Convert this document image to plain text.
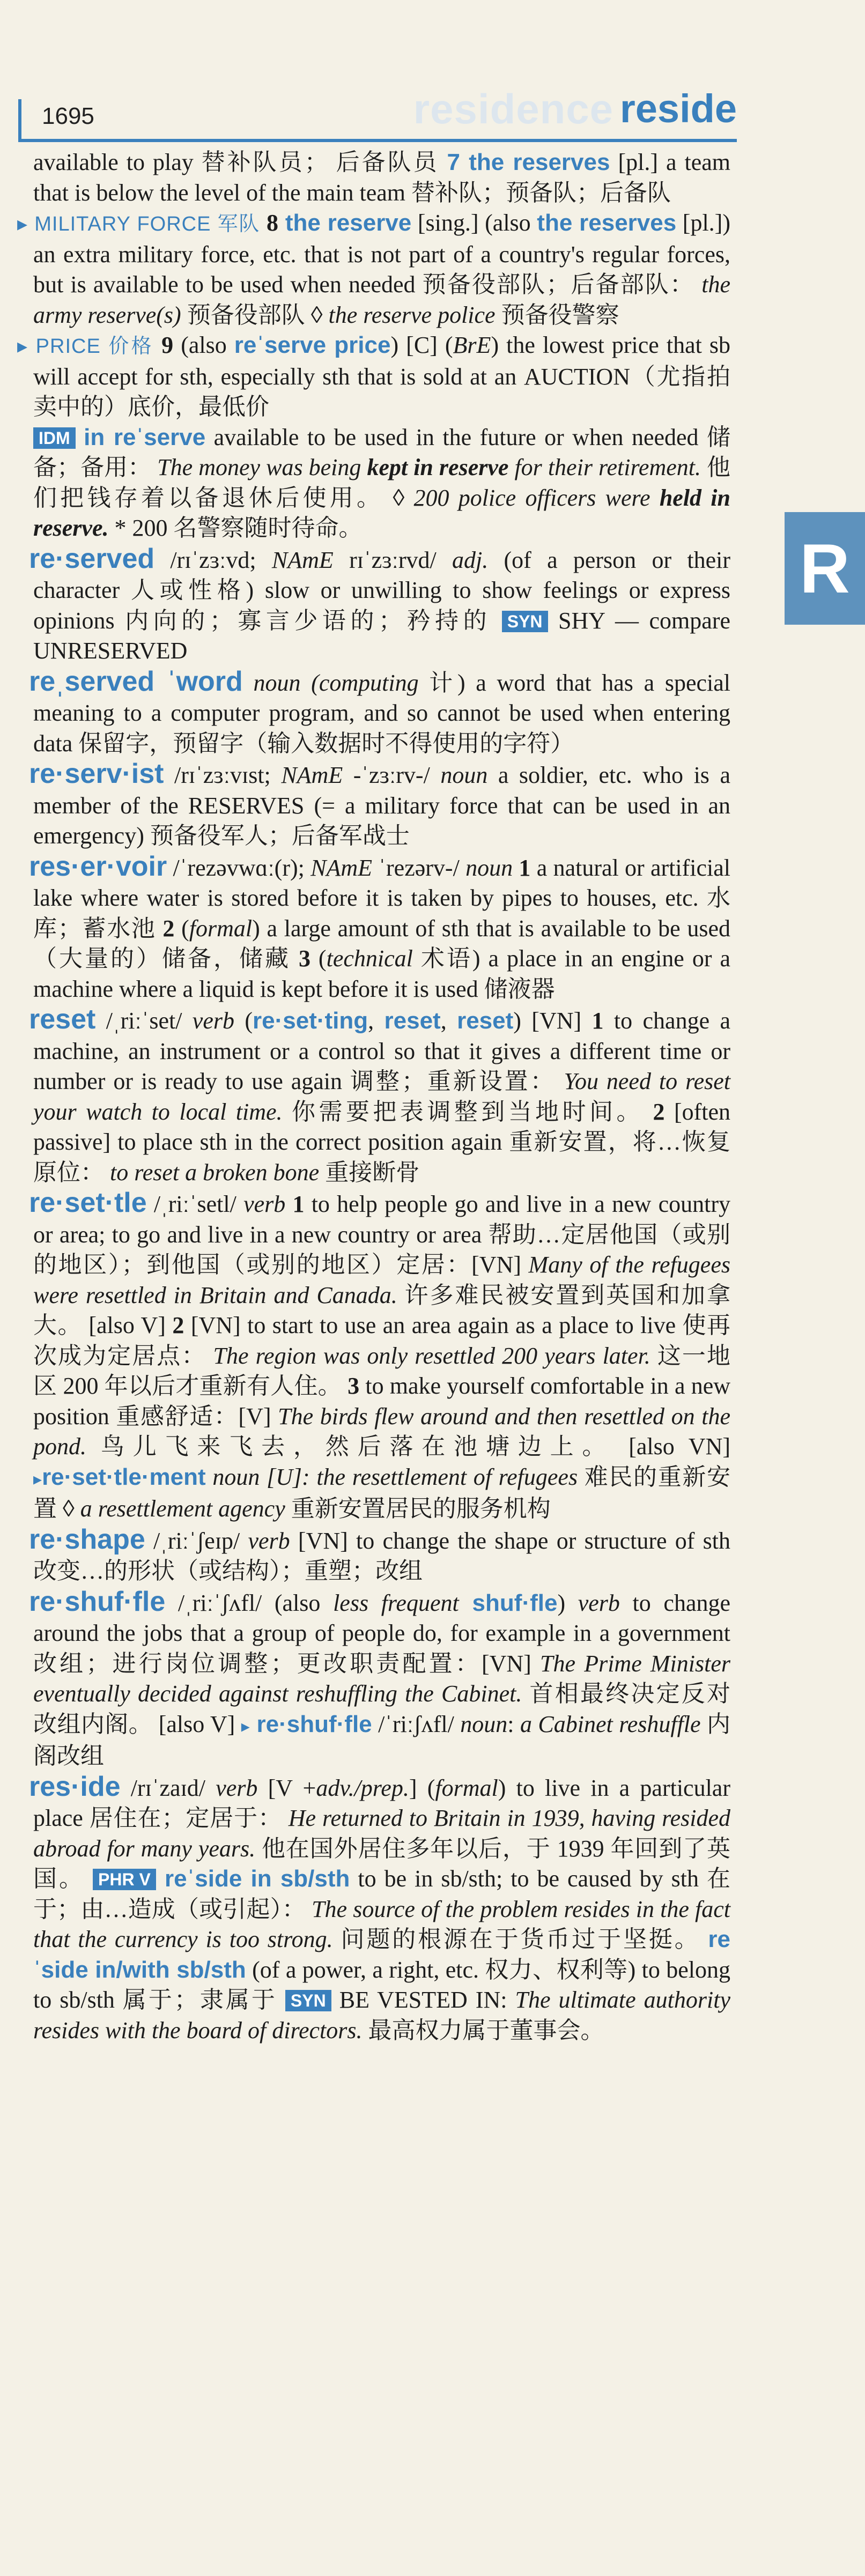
R
1695	residence reside

available to play 替补队员； 后备队员 7 the reserves [pl.] a team that is below the level of the main team 替补队；预备队；后备队

▸ MILITARY FORCE 军队 8 the reserve [sing.] (also the reserves [pl.]) an extra military force, etc. that is not part of a country's regular forces, but is available to be used when needed 预备役部队；后备部队： the army reserve(s) 预备役部队 ◊ the reserve police 预备役警察

▸ PRICE 价格 9 (also reˈserve price) [C] (BrE) the lowest price that sb will accept for sth, especially sth that is sold at an AUCTION（尤指拍卖中的）底价，最低价

IDM in reˈserve available to be used in the future or when needed 储备；备用： The money was being kept in reserve for their retirement. 他们把钱存着以备退休后使用。 ◊ 200 police officers were held in reserve. * 200 名警察随时待命。

re·served /rɪˈzɜːvd; NAmE rɪˈzɜːrvd/ adj. (of a person or their character 人或性格) slow or unwilling to show feelings or express opinions 内向的；寡言少语的；矜持的 SYN SHY — compare UNRESERVED

reˌserved ˈword noun (computing 计) a word that has a special meaning to a computer program, and so cannot be used when entering data 保留字，预留字（输入数据时不得使用的字符）

re·serv·ist /rɪˈzɜːvɪst; NAmE -ˈzɜːrv-/ noun a soldier, etc. who is a member of the RESERVES (= a military force that can be used in an emergency) 预备役军人；后备军战士

res·er·voir /ˈrezəvwɑː(r); NAmE ˈrezərv-/ noun 1 a natural or artificial lake where water is stored before it is taken by pipes to houses, etc. 水库；蓄水池 2 (formal) a large amount of sth that is available to be used（大量的）储备，储藏 3 (technical 术语) a place in an engine or a machine where a liquid is kept before it is used 储液器

reset /ˌriːˈset/ verb (re·set·ting, reset, reset) [VN] 1 to change a machine, an instrument or a control so that it gives a different time or number or is ready to use again 调整；重新设置： You need to reset your watch to local time. 你需要把表调整到当地时间。 2 [often passive] to place sth in the correct position again 重新安置，将…恢复原位： to reset a broken bone 重接断骨

re·set·tle /ˌriːˈsetl/ verb 1 to help people go and live in a new country or area; to go and live in a new country or area 帮助…定居他国（或别的地区）；到他国（或别的地区）定居：[VN] Many of the refugees were resettled in Britain and Canada. 许多难民被安置到英国和加拿大。 [also V] 2 [VN] to start to use an area again as a place to live 使再次成为定居点： The region was only resettled 200 years later. 这一地区 200 年以后才重新有人住。 3 to make yourself comfortable in a new position 重感舒适：[V] The birds flew around and then resettled on the pond. 鸟儿飞来飞去，然后落在池塘边上。 [also VN] ▸re·set·tle·ment noun [U]: the resettlement of refugees 难民的重新安置 ◊ a resettlement agency 重新安置居民的服务机构

re·shape /ˌriːˈʃeɪp/ verb [VN] to change the shape or structure of sth 改变…的形状（或结构）；重塑；改组

re·shuf·fle /ˌriːˈʃʌfl/ (also less frequent shuf·fle) verb to change around the jobs that a group of people do, for example in a government 改组；进行岗位调整；更改职责配置：[VN] The Prime Minister eventually decided against reshuffling the Cabinet. 首相最终决定反对改组内阁。 [also V] ▸ re·shuf·fle /ˈriːʃʌfl/ noun: a Cabinet reshuffle 内阁改组

res·ide /rɪˈzaɪd/ verb [V +adv./prep.] (formal) to live in a particular place 居住在；定居于： He returned to Britain in 1939, having resided abroad for many years. 他在国外居住多年以后，于 1939 年回到了英国。 PHR V reˈside in sb/sth to be in sb/sth; to be caused by sth 在于；由…造成（或引起）： The source of the problem resides in the fact that the currency is too strong. 问题的根源在于货币过于坚挺。 reˈside in/with sb/sth (of a power, a right, etc. 权力、权利等) to belong to sb/sth 属于；隶属于 SYN BE VESTED IN: The ultimate authority resides with the board of directors. 最高权力属于董事会。
